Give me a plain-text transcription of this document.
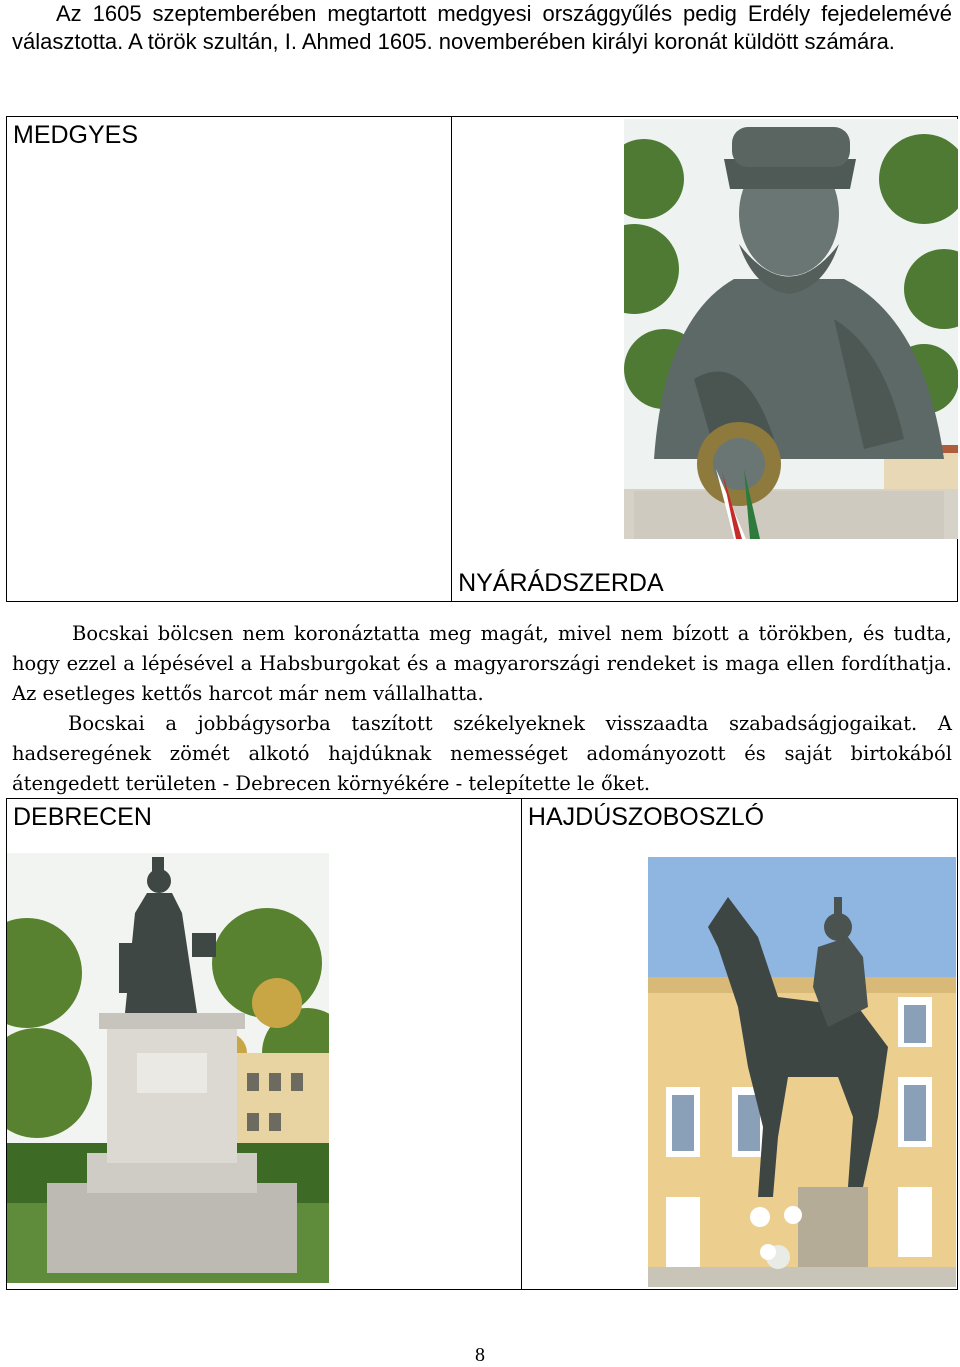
Az 1605 szeptemberében megtartott medgyesi országgyűlés pedig Erdély fejedelemévé választotta. A török szultán, I. Ahmed 1605. novemberében királyi koronát küldött számára.
MEDGYES

NYÁRÁDSZERDA

Bocskai bölcsen nem koronáztatta meg magát, mivel nem bízott a törökben, és tudta, hogy ezzel a lépésével a Habsburgokat és a magyarországi rendeket is maga ellen fordíthatja. Az esetleges kettős harcot már nem vállalhatta.

Bocskai a jobbágysorba taszított székelyeknek visszaadta szabadságjogaikat. A hadseregének zömét alkotó hajdúknak nemességet adományozott és saját birtokából átengedett területen - Debrecen környékére - telepítette le őket.

DEBRECEN	HAJDÚSZOBOSZLÓ
8
